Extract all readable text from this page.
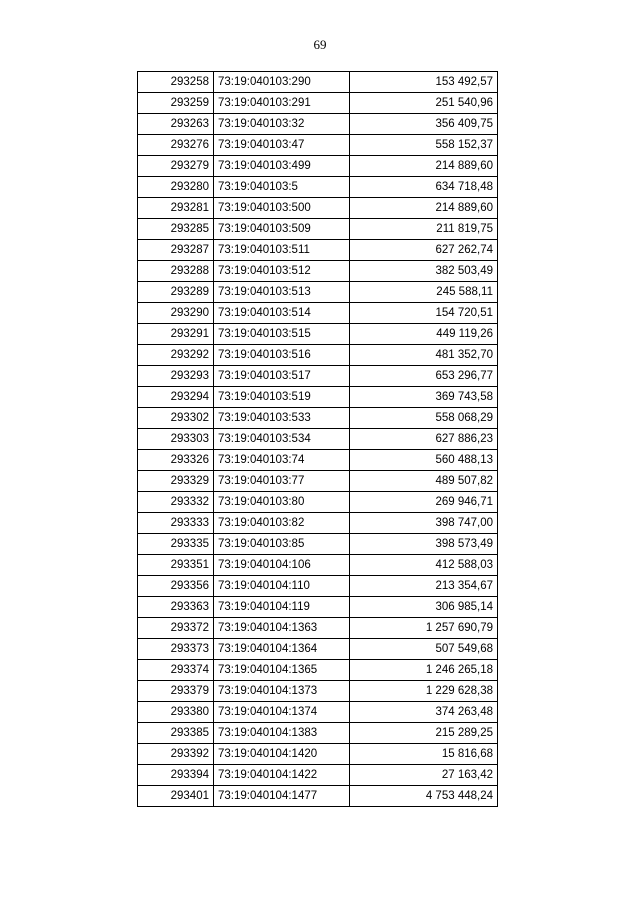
69
293258	73:19:040103:290	153 492,57
293259	73:19:040103:291	251 540,96
293263	73:19:040103:32	356 409,75
293276	73:19:040103:47	558 152,37
293279	73:19:040103:499	214 889,60
293280	73:19:040103:5	634 718,48
293281	73:19:040103:500	214 889,60
293285	73:19:040103:509	211 819,75
293287	73:19:040103:511	627 262,74
293288	73:19:040103:512	382 503,49
293289	73:19:040103:513	245 588,11
293290	73:19:040103:514	154 720,51
293291	73:19:040103:515	449 119,26
293292	73:19:040103:516	481 352,70
293293	73:19:040103:517	653 296,77
293294	73:19:040103:519	369 743,58
293302	73:19:040103:533	558 068,29
293303	73:19:040103:534	627 886,23
293326	73:19:040103:74	560 488,13
293329	73:19:040103:77	489 507,82
293332	73:19:040103:80	269 946,71
293333	73:19:040103:82	398 747,00
293335	73:19:040103:85	398 573,49
293351	73:19:040104:106	412 588,03
293356	73:19:040104:110	213 354,67
293363	73:19:040104:119	306 985,14
293372	73:19:040104:1363	1 257 690,79
293373	73:19:040104:1364	507 549,68
293374	73:19:040104:1365	1 246 265,18
293379	73:19:040104:1373	1 229 628,38
293380	73:19:040104:1374	374 263,48
293385	73:19:040104:1383	215 289,25
293392	73:19:040104:1420	15 816,68
293394	73:19:040104:1422	27 163,42
293401	73:19:040104:1477	4 753 448,24
